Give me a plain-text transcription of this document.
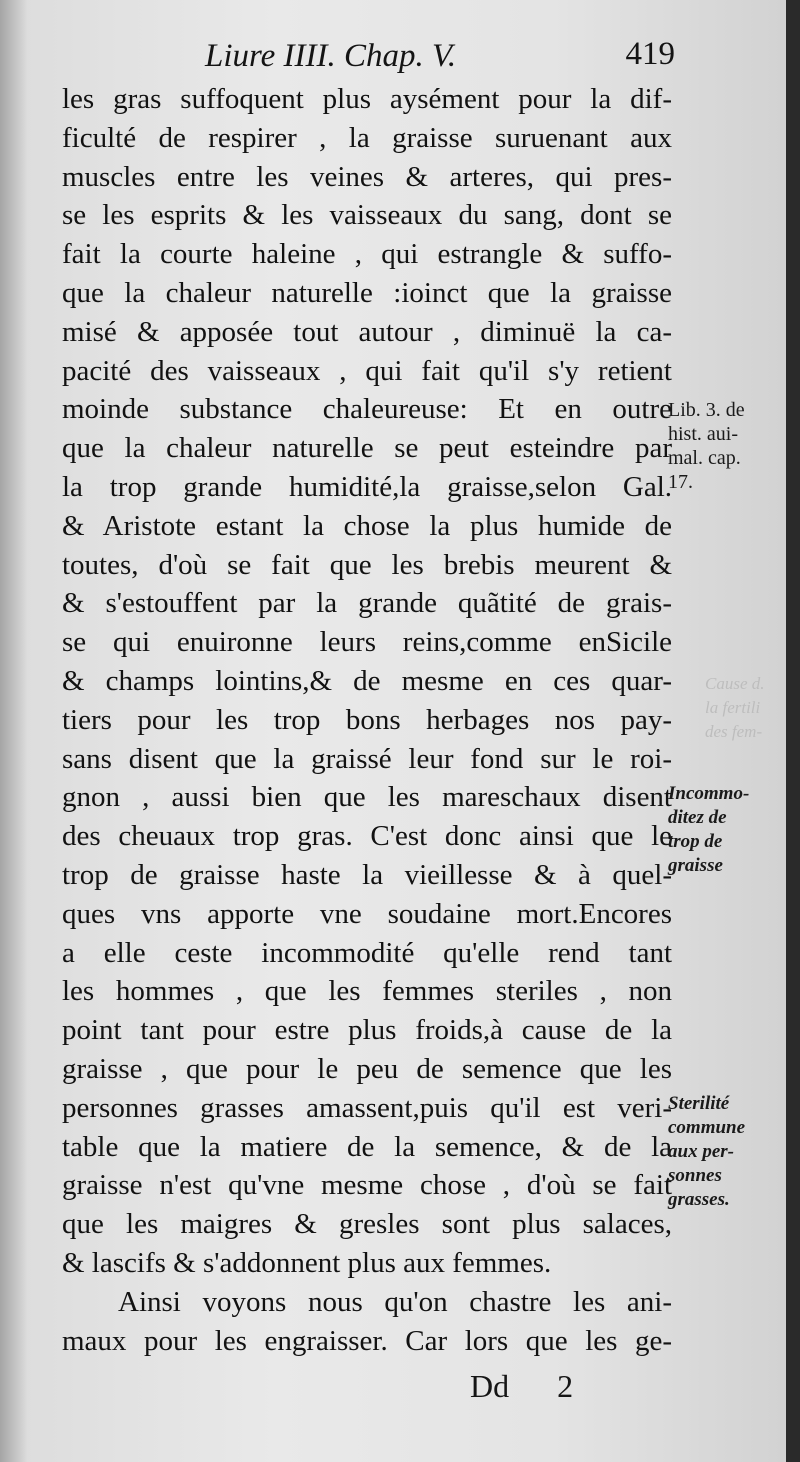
Liure IIII. Chap. V.	419
les gras suffoquent plus aysément pour la dif-
ficulté de respirer , la graisse suruenant aux
muscles entre les veines & arteres, qui pres-
se les esprits & les vaisseaux du sang, dont se
fait la courte haleine , qui estrangle & suffo-
que la chaleur naturelle :ioinct que la graisse
misé & apposée tout autour , diminuë la ca-
pacité des vaisseaux , qui fait qu'il s'y retient
moinde substance chaleureuse: Et en outre
que la chaleur naturelle se peut esteindre par
la trop grande humidité,la graisse,selon Gal.
& Aristote estant la chose la plus humide de
toutes, d'où se fait que les brebis meurent &
& s'estouffent par la grande quãtité de grais-
se qui enuironne leurs reins,comme enSicile
& champs lointins,& de mesme en ces quar-
tiers pour les trop bons herbages nos pay-
sans disent que la graissé leur fond sur le roi-
gnon , aussi bien que les mareschaux disent
des cheuaux trop gras. C'est donc ainsi que le
trop de graisse haste la vieillesse & à quel-
ques vns apporte vne soudaine mort.Encores
a elle ceste incommodité qu'elle rend tant
les hommes , que les femmes steriles , non
point tant pour estre plus froids,à cause de la
graisse , que pour le peu de semence que les
personnes grasses amassent,puis qu'il est veri-
table que la matiere de la semence, & de la
graisse n'est qu'vne mesme chose , d'où se fait
que les maigres & gresles sont plus salaces,
& lascifs & s'addonnent plus aux femmes.
Ainsi voyons nous qu'on chastre les ani-
maux pour les engraisser. Car lors que les ge-
Lib. 3. de
hist. aui-
mal. cap.
17.
Cause d.
la fertili
des fem-
Incommo-
ditez de
trop de
graisse
Sterilité
commune
aux per-
sonnes
grasses.
Dd 2
